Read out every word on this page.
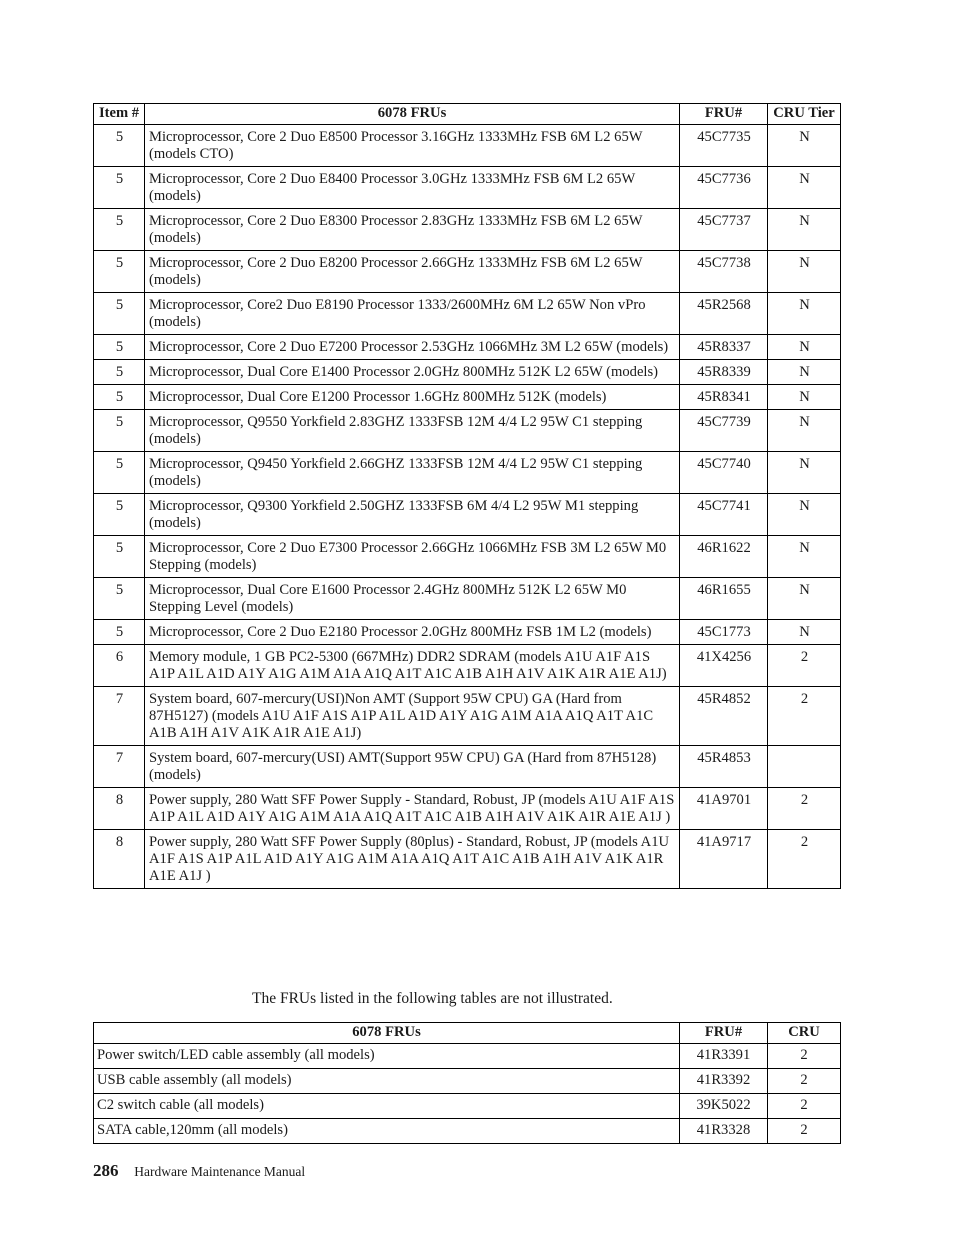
Item #	6078 FRUs	FRU#	CRU Tier
5	Microprocessor, Core 2 Duo E8500 Processor 3.16GHz 1333MHz FSB 6M L2 65W (models CTO)	45C7735	N
5	Microprocessor, Core 2 Duo E8400 Processor 3.0GHz 1333MHz FSB 6M L2 65W (models)	45C7736	N
5	Microprocessor, Core 2 Duo E8300 Processor 2.83GHz 1333MHz FSB 6M L2 65W (models)	45C7737	N
5	Microprocessor, Core 2 Duo E8200 Processor 2.66GHz 1333MHz FSB 6M L2 65W (models)	45C7738	N
5	Microprocessor, Core2 Duo E8190 Processor 1333/2600MHz 6M L2 65W Non vPro (models)	45R2568	N
5	Microprocessor, Core 2 Duo E7200 Processor 2.53GHz 1066MHz 3M L2 65W (models)	45R8337	N
5	Microprocessor, Dual Core E1400 Processor 2.0GHz 800MHz 512K L2 65W (models)	45R8339	N
5	Microprocessor, Dual Core E1200 Processor 1.6GHz 800MHz 512K (models)	45R8341	N
5	Microprocessor, Q9550 Yorkfield 2.83GHZ 1333FSB 12M 4/4 L2 95W C1 stepping (models)	45C7739	N
5	Microprocessor, Q9450 Yorkfield 2.66GHZ 1333FSB 12M 4/4 L2 95W C1 stepping (models)	45C7740	N
5	Microprocessor, Q9300 Yorkfield 2.50GHZ 1333FSB 6M 4/4 L2 95W M1 stepping (models)	45C7741	N
5	Microprocessor, Core 2 Duo E7300 Processor 2.66GHz 1066MHz FSB 3M L2 65W M0 Stepping (models)	46R1622	N
5	Microprocessor, Dual Core E1600 Processor 2.4GHz 800MHz 512K L2 65W M0 Stepping Level (models)	46R1655	N
5	Microprocessor, Core 2 Duo E2180 Processor 2.0GHz 800MHz FSB 1M L2 (models)	45C1773	N
6	Memory module, 1 GB PC2-5300 (667MHz) DDR2 SDRAM (models A1U A1F A1S A1P A1L A1D A1Y A1G A1M A1A A1Q A1T A1C A1B A1H A1V A1K A1R A1E A1J)	41X4256	2
7	System board, 607-mercury(USI)Non AMT (Support 95W CPU) GA (Hard from 87H5127) (models A1U A1F A1S A1P A1L A1D A1Y A1G A1M A1A A1Q A1T A1C A1B A1H A1V A1K A1R A1E A1J)	45R4852	2
7	System board, 607-mercury(USI) AMT(Support 95W CPU) GA (Hard from 87H5128) (models)	45R4853	
8	Power supply, 280 Watt SFF Power Supply - Standard, Robust, JP (models A1U A1F A1S A1P A1L A1D A1Y A1G A1M A1A A1Q A1T A1C A1B A1H A1V A1K A1R A1E A1J )	41A9701	2
8	Power supply, 280 Watt SFF Power Supply (80plus) - Standard, Robust, JP (models A1U A1F A1S A1P A1L A1D A1Y A1G A1M A1A A1Q A1T A1C A1B A1H A1V A1K A1R A1E A1J )	41A9717	2
The FRUs listed in the following tables are not illustrated.
6078 FRUs	FRU#	CRU
Power switch/LED cable assembly (all models)	41R3391	2
USB cable assembly (all models)	41R3392	2
C2 switch cable (all models)	39K5022	2
SATA cable,120mm (all models)	41R3328	2
286 Hardware Maintenance Manual
